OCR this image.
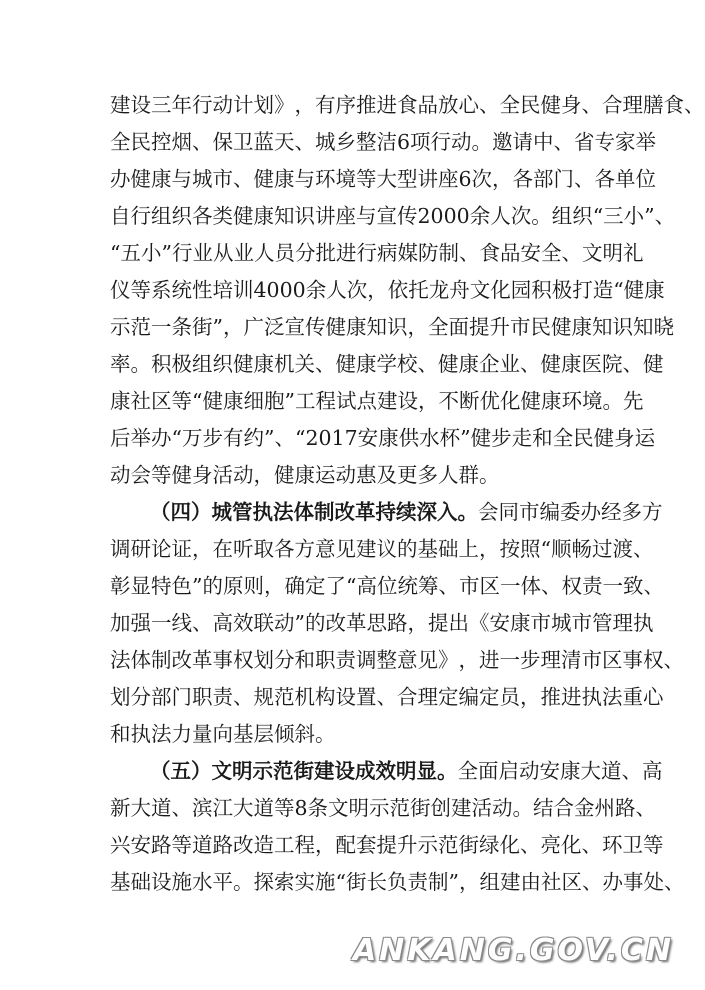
建 设 三 年 行 动 计 划 》 ， 有 序 推 进 食 品 放 心 、 全 民 健 身 、 合 理 膳 食 、
全 民 控 烟 、 保 卫 蓝 天 、 城 乡 整 洁 6 项 行 动 。 邀 请 中 、 省 专 家 举
办 健 康 与 城 市 、 健 康 与 环 境 等 大 型 讲 座 6 次 ， 各 部 门 、 各 单 位
自 行 组 织 各 类 健 康 知 识 讲 座 与 宣 传 2 0 0 0 余 人 次 。 组 织 “ 三 小 ” 、
“ 五 小 ” 行 业 从 业 人 员 分 批 进 行 病 媒 防 制 、 食 品 安 全 、 文 明 礼
仪 等 系 统 性 培 训 4 0 0 0 余 人 次 ， 依 托 龙 舟 文 化 园 积 极 打 造 “ 健 康
示 范 一 条 街 ” ， 广 泛 宣 传 健 康 知 识 ， 全 面 提 升 市 民 健 康 知 识 知 晓
率 。 积 极 组 织 健 康 机 关 、 健 康 学 校 、 健 康 企 业 、 健 康 医 院 、 健
康 社 区 等 “ 健 康 细 胞 ” 工 程 试 点 建 设 ， 不 断 优 化 健 康 环 境 。 先
后 举 办 “ 万 步 有 约 ” 、 “ 2 0 1 7 安 康 供 水 杯 ” 健 步 走 和 全 民 健 身 运
动会等健身活动，健康运动惠及更多人群。
（四）城管执法体制改革持续深入。 会同市编委办经多方
调 研 论 证 ， 在 听 取 各 方 意 见 建 议 的 基 础 上 ， 按 照 “ 顺 畅 过 渡 、
彰 显 特 色 ” 的 原 则 ， 确 定 了 “ 高 位 统 筹 、 市 区 一 体 、 权 责 一 致 、
加 强 一 线 、 高 效 联 动 ” 的 改 革 思 路 ， 提 出 《 安 康 市 城 市 管 理 执
法 体 制 改 革 事 权 划 分 和 职 责 调 整 意 见 》 ， 进 一 步 理 清 市 区 事 权 、
划 分 部 门 职 责 、 规 范 机 构 设 置 、 合 理 定 编 定 员 ， 推 进 执 法 重 心
和执法力量向基层倾斜。
（五）文明示范街建设成效明显。 全面启动安康大道、高
新 大 道 、 滨 江 大 道 等 8 条 文 明 示 范 街 创 建 活 动 。 结 合 金 州 路 、
兴 安 路 等 道 路 改 造 工 程 ， 配 套 提 升 示 范 街 绿 化 、 亮 化 、 环 卫 等
基 础 设 施 水 平 。 探 索 实 施 “ 街 长 负 责 制 ” ， 组 建 由 社 区 、 办 事 处 、
ANKANG.GOV.CN
